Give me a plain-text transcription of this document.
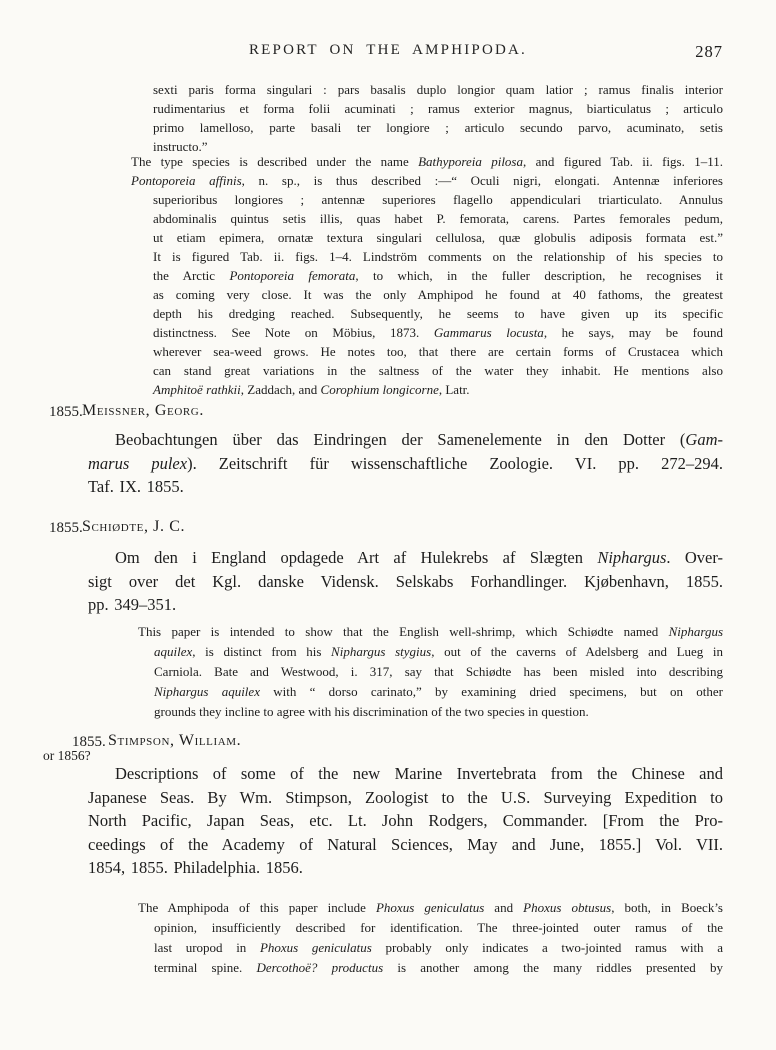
REPORT ON THE AMPHIPODA.	287
sexti paris forma singulari : pars basalis duplo longior quam latior ; ramus finalis interior
rudimentarius et forma folii acuminati ; ramus exterior magnus, biarticulatus ; articulo
primo lamelloso, parte basali ter longiore ; articulo secundo parvo, acuminato, setis
instructo.”
The type species is described under the name Bathyporeia pilosa, and figured Tab. ii. figs. 1–11.
Pontoporeia affinis, n. sp., is thus described :—“ Oculi nigri, elongati. Antennæ inferiores
superioribus longiores ; antennæ superiores flagello appendiculari triarticulato. Annulus
abdominalis quintus setis illis, quas habet P. femorata, carens. Partes femorales pedum,
ut etiam epimera, ornatæ textura singulari cellulosa, quæ globulis adiposis formata est.”
It is figured Tab. ii. figs. 1–4. Lindström comments on the relationship of his species to
the Arctic Pontoporeia femorata, to which, in the fuller description, he recognises it
as coming very close. It was the only Amphipod he found at 40 fathoms, the greatest
depth his dredging reached. Subsequently, he seems to have given up its specific
distinctness. See Note on Möbius, 1873. Gammarus locusta, he says, may be found
wherever sea-weed grows. He notes too, that there are certain forms of Crustacea which
can stand great variations in the saltness of the water they inhabit. He mentions also
Amphitoë rathkii, Zaddach, and Corophium longicorne, Latr.
1855. Meissner, Georg.
Beobachtungen über das Eindringen der Samenelemente in den Dotter (Gam-
marus pulex). Zeitschrift für wissenschaftliche Zoologie. VI. pp. 272–294.
Taf. IX. 1855.
1855. Schiødte, J. C.
Om den i England opdagede Art af Hulekrebs af Slægten Niphargus. Over-
sigt over det Kgl. danske Vidensk. Selskabs Forhandlinger. Kjøbenhavn, 1855.
pp. 349–351.
This paper is intended to show that the English well-shrimp, which Schiødte named Niphargus
aquilex, is distinct from his Niphargus stygius, out of the caverns of Adelsberg and Lueg in
Carniola. Bate and Westwood, i. 317, say that Schiødte has been misled into describing
Niphargus aquilex with “ dorso carinato,” by examining dried specimens, but on other
grounds they incline to agree with his discrimination of the two species in question.
1855.
or 1856?
Stimpson, William.
Descriptions of some of the new Marine Invertebrata from the Chinese and
Japanese Seas. By Wm. Stimpson, Zoologist to the U.S. Surveying Expedition to
North Pacific, Japan Seas, etc. Lt. John Rodgers, Commander. [From the Pro-
ceedings of the Academy of Natural Sciences, May and June, 1855.] Vol. VII.
1854, 1855. Philadelphia. 1856.
The Amphipoda of this paper include Phoxus geniculatus and Phoxus obtusus, both, in Boeck’s
opinion, insufficiently described for identification. The three-jointed outer ramus of the
last uropod in Phoxus geniculatus probably only indicates a two-jointed ramus with a
terminal spine. Dercothoë? productus is another among the many riddles presented by
